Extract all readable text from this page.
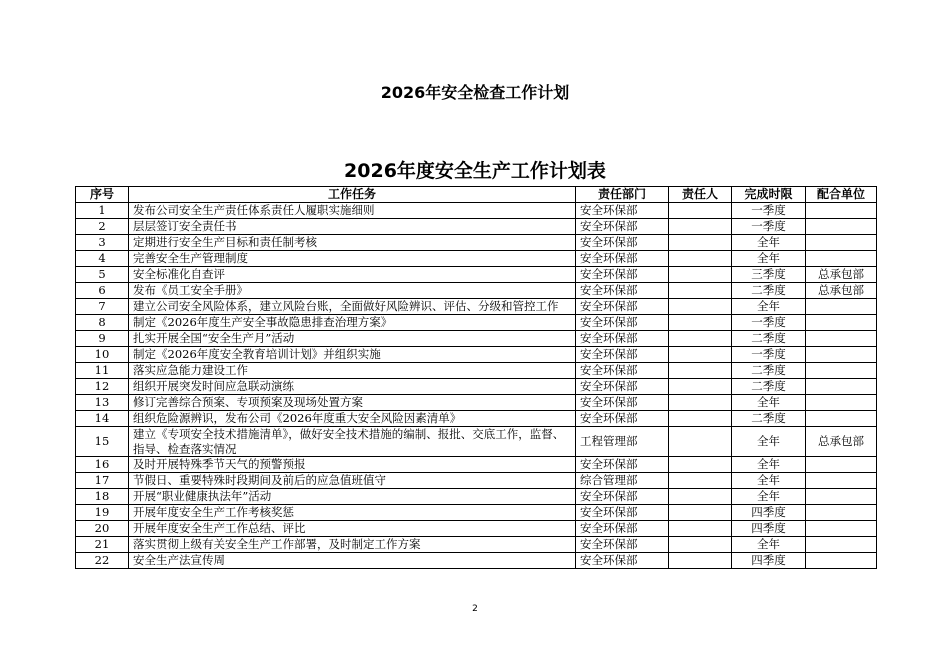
2026年安全检查工作计划
2026年度安全生产工作计划表
序号	工作任务	责任部门	责任人	完成时限	配合单位
1	发布公司安全生产责任体系责任人履职实施细则	安全环保部		一季度	
2	层层签订安全责任书	安全环保部		一季度	
3	定期进行安全生产目标和责任制考核	安全环保部		全年	
4	完善安全生产管理制度	安全环保部		全年	
5	安全标准化自查评	安全环保部		三季度	总承包部
6	发布《员工安全手册》	安全环保部		二季度	总承包部
7	建立公司安全风险体系，建立风险台账，全面做好风险辨识、评估、分级和管控工作	安全环保部		全年	
8	制定《2026年度生产安全事故隐患排查治理方案》	安全环保部		一季度	
9	扎实开展全国“安全生产月”活动	安全环保部		二季度	
10	制定《2026年度安全教育培训计划》并组织实施	安全环保部		一季度	
11	落实应急能力建设工作	安全环保部		二季度	
12	组织开展突发时间应急联动演练	安全环保部		二季度	
13	修订完善综合预案、专项预案及现场处置方案	安全环保部		全年	
14	组织危险源辨识，发布公司《2026年度重大安全风险因素清单》	安全环保部		二季度	
15	建立《专项安全技术措施清单》，做好安全技术措施的编制、报批、交底工作，监督、指导、检查落实情况	工程管理部		全年	总承包部
16	及时开展特殊季节天气的预警预报	安全环保部		全年	
17	节假日、重要特殊时段期间及前后的应急值班值守	综合管理部		全年	
18	开展“职业健康执法年”活动	安全环保部		全年	
19	开展年度安全生产工作考核奖惩	安全环保部		四季度	
20	开展年度安全生产工作总结、评比	安全环保部		四季度	
21	落实贯彻上级有关安全生产工作部署，及时制定工作方案	安全环保部		全年	
22	安全生产法宣传周	安全环保部		四季度	
2
